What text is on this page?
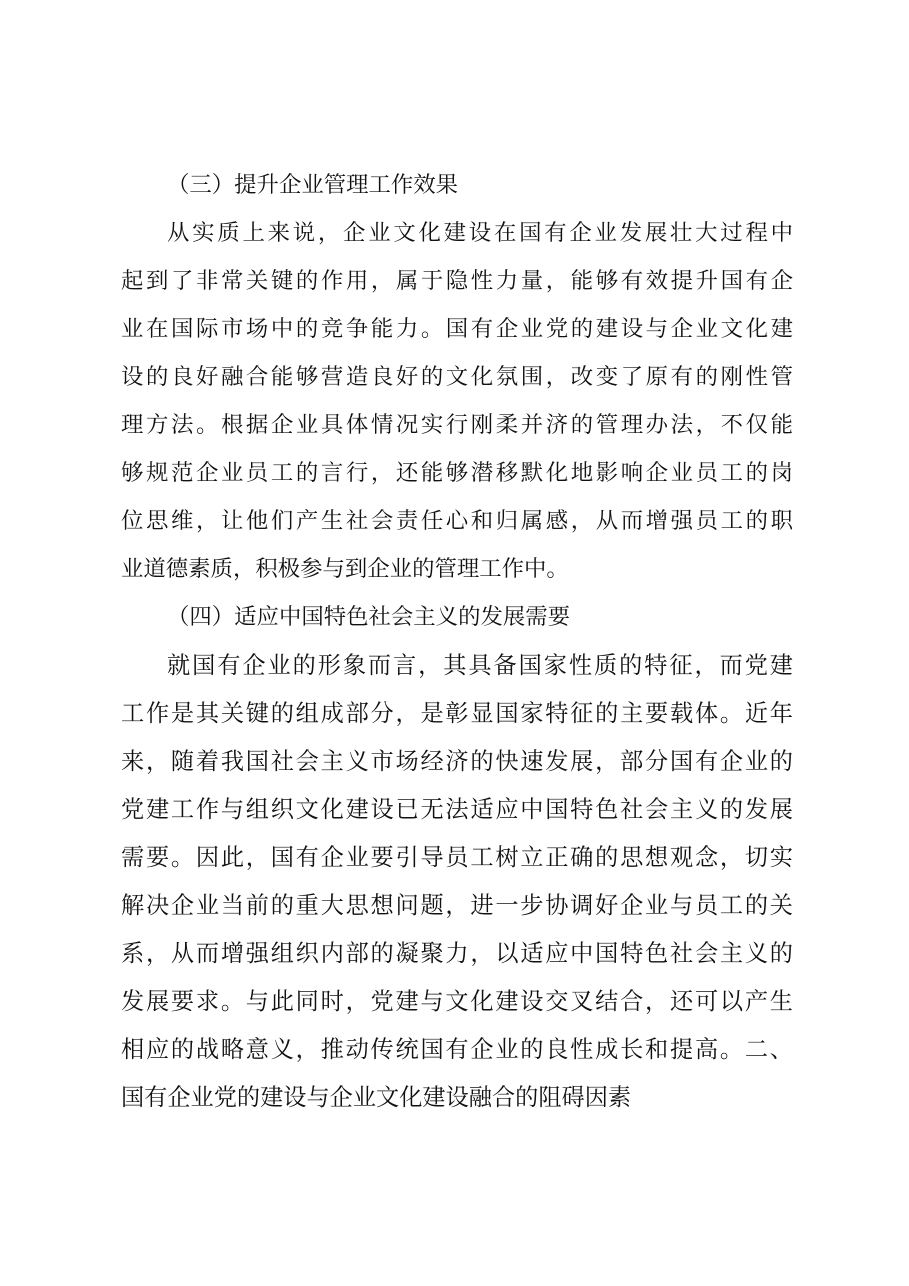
（三）提升企业管理工作效果
从实质上来说，企业文化建设在国有企业发展壮大过程中
起到了非常关键的作用，属于隐性力量，能够有效提升国有企
业在国际市场中的竞争能力。国有企业党的建设与企业文化建
设的良好融合能够营造良好的文化氛围，改变了原有的刚性管
理方法。根据企业具体情况实行刚柔并济的管理办法，不仅能
够规范企业员工的言行，还能够潜移默化地影响企业员工的岗
位思维，让他们产生社会责任心和归属感，从而增强员工的职
业道德素质，积极参与到企业的管理工作中。
（四）适应中国特色社会主义的发展需要
就国有企业的形象而言，其具备国家性质的特征，而党建
工作是其关键的组成部分，是彰显国家特征的主要载体。近年
来，随着我国社会主义市场经济的快速发展，部分国有企业的
党建工作与组织文化建设已无法适应中国特色社会主义的发展
需要。因此，国有企业要引导员工树立正确的思想观念，切实
解决企业当前的重大思想问题，进一步协调好企业与员工的关
系，从而增强组织内部的凝聚力，以适应中国特色社会主义的
发展要求。与此同时，党建与文化建设交叉结合，还可以产生
相应的战略意义，推动传统国有企业的良性成长和提高。二、
国有企业党的建设与企业文化建设融合的阻碍因素
